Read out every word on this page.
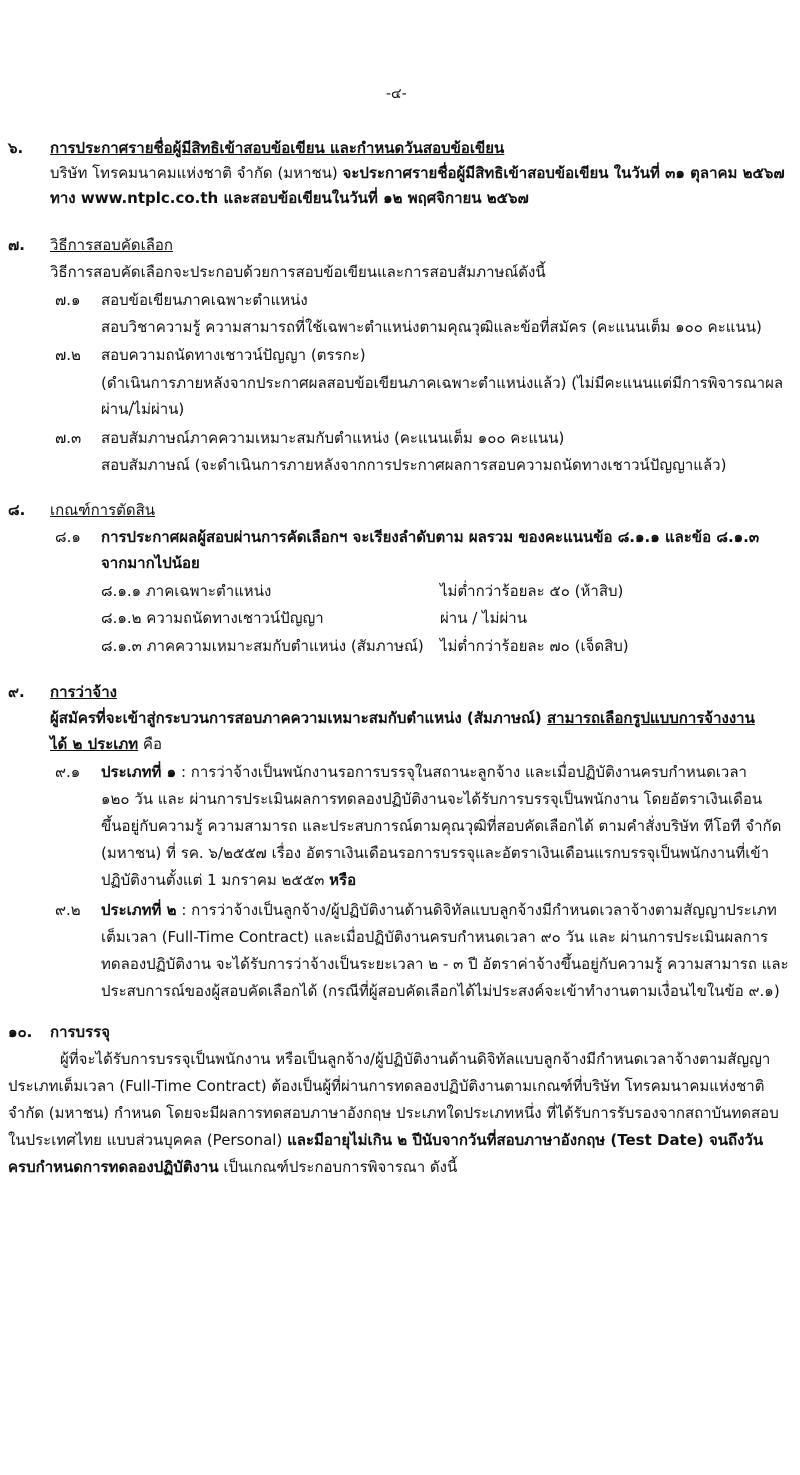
-๔-
๖. การประกาศรายชื่อผู้มีสิทธิเข้าสอบข้อเขียน และกำหนดวันสอบข้อเขียน
บริษัท โทรคมนาคมแห่งชาติ จำกัด (มหาชน) จะประกาศรายชื่อผู้มีสิทธิเข้าสอบข้อเขียน ในวันที่ ๓๑ ตุลาคม ๒๕๖๗
ทาง www.ntplc.co.th และสอบข้อเขียนในวันที่ ๑๒ พฤศจิกายน ๒๕๖๗
๗. วิธีการสอบคัดเลือก
วิธีการสอบคัดเลือกจะประกอบด้วยการสอบข้อเขียนและการสอบสัมภาษณ์ดังนี้
๗.๑ สอบข้อเขียนภาคเฉพาะตำแหน่ง
สอบวิชาความรู้ ความสามารถที่ใช้เฉพาะตำแหน่งตามคุณวุฒิและข้อที่สมัคร (คะแนนเต็ม ๑๐๐ คะแนน)
๗.๒ สอบความถนัดทางเชาวน์ปัญญา (ตรรกะ)
(ดำเนินการภายหลังจากประกาศผลสอบข้อเขียนภาคเฉพาะตำแหน่งแล้ว) (ไม่มีคะแนนแต่มีการพิจารณาผล
ผ่าน/ไม่ผ่าน)
๗.๓ สอบสัมภาษณ์ภาคความเหมาะสมกับตำแหน่ง (คะแนนเต็ม ๑๐๐ คะแนน)
สอบสัมภาษณ์ (จะดำเนินการภายหลังจากการประกาศผลการสอบความถนัดทางเชาวน์ปัญญาแล้ว)
๘. เกณฑ์การตัดสิน
๘.๑ การประกาศผลผู้สอบผ่านการคัดเลือกฯ จะเรียงลำดับตาม ผลรวม ของคะแนนข้อ ๘.๑.๑ และข้อ ๘.๑.๓
จากมากไปน้อย
๘.๑.๑ ภาคเฉพาะตำแหน่ง	ไม่ต่ำกว่าร้อยละ ๕๐ (ห้าสิบ)
๘.๑.๒ ความถนัดทางเชาวน์ปัญญา	ผ่าน / ไม่ผ่าน
๘.๑.๓ ภาคความเหมาะสมกับตำแหน่ง (สัมภาษณ์) ไม่ต่ำกว่าร้อยละ ๗๐ (เจ็ดสิบ)
๙. การว่าจ้าง
ผู้สมัครที่จะเข้าสู่กระบวนการสอบภาคความเหมาะสมกับตำแหน่ง (สัมภาษณ์) สามารถเลือกรูปแบบการจ้างงาน
ได้ ๒ ประเภท คือ
๙.๑ ประเภทที่ ๑ : การว่าจ้างเป็นพนักงานรอการบรรจุในสถานะลูกจ้าง และเมื่อปฏิบัติงานครบกำหนดเวลา
๑๒๐ วัน และ ผ่านการประเมินผลการทดลองปฏิบัติงานจะได้รับการบรรจุเป็นพนักงาน โดยอัตราเงินเดือน
ขึ้นอยู่กับความรู้ ความสามารถ และประสบการณ์ตามคุณวุฒิที่สอบคัดเลือกได้ ตามคำสั่งบริษัท ทีโอที จำกัด
(มหาชน) ที่ รค. ๖/๒๕๕๗ เรื่อง อัตราเงินเดือนรอการบรรจุและอัตราเงินเดือนแรกบรรจุเป็นพนักงานที่เข้า
ปฏิบัติงานตั้งแต่ 1 มกราคม ๒๕๕๓ หรือ
๙.๒ ประเภทที่ ๒ : การว่าจ้างเป็นลูกจ้าง/ผู้ปฏิบัติงานด้านดิจิทัลแบบลูกจ้างมีกำหนดเวลาจ้างตามสัญญาประเภท
เต็มเวลา (Full-Time Contract) และเมื่อปฏิบัติงานครบกำหนดเวลา ๙๐ วัน และ ผ่านการประเมินผลการ
ทดลองปฏิบัติงาน จะได้รับการว่าจ้างเป็นระยะเวลา ๒ - ๓ ปี อัตราค่าจ้างขึ้นอยู่กับความรู้ ความสามารถ และ
ประสบการณ์ของผู้สอบคัดเลือกได้ (กรณีที่ผู้สอบคัดเลือกได้ไม่ประสงค์จะเข้าทำงานตามเงื่อนไขในข้อ ๙.๑)
๑๐. การบรรจุ
ผู้ที่จะได้รับการบรรจุเป็นพนักงาน หรือเป็นลูกจ้าง/ผู้ปฏิบัติงานด้านดิจิทัลแบบลูกจ้างมีกำหนดเวลาจ้างตามสัญญา
ประเภทเต็มเวลา (Full-Time Contract) ต้องเป็นผู้ที่ผ่านการทดลองปฏิบัติงานตามเกณฑ์ที่บริษัท โทรคมนาคมแห่งชาติ
จำกัด (มหาชน) กำหนด โดยจะมีผลการทดสอบภาษาอังกฤษ ประเภทใดประเภทหนึ่ง ที่ได้รับการรับรองจากสถาบันทดสอบ
ในประเทศไทย แบบส่วนบุคคล (Personal) และมีอายุไม่เกิน ๒ ปีนับจากวันที่สอบภาษาอังกฤษ (Test Date) จนถึงวัน
ครบกำหนดการทดลองปฏิบัติงาน เป็นเกณฑ์ประกอบการพิจารณา ดังนี้
